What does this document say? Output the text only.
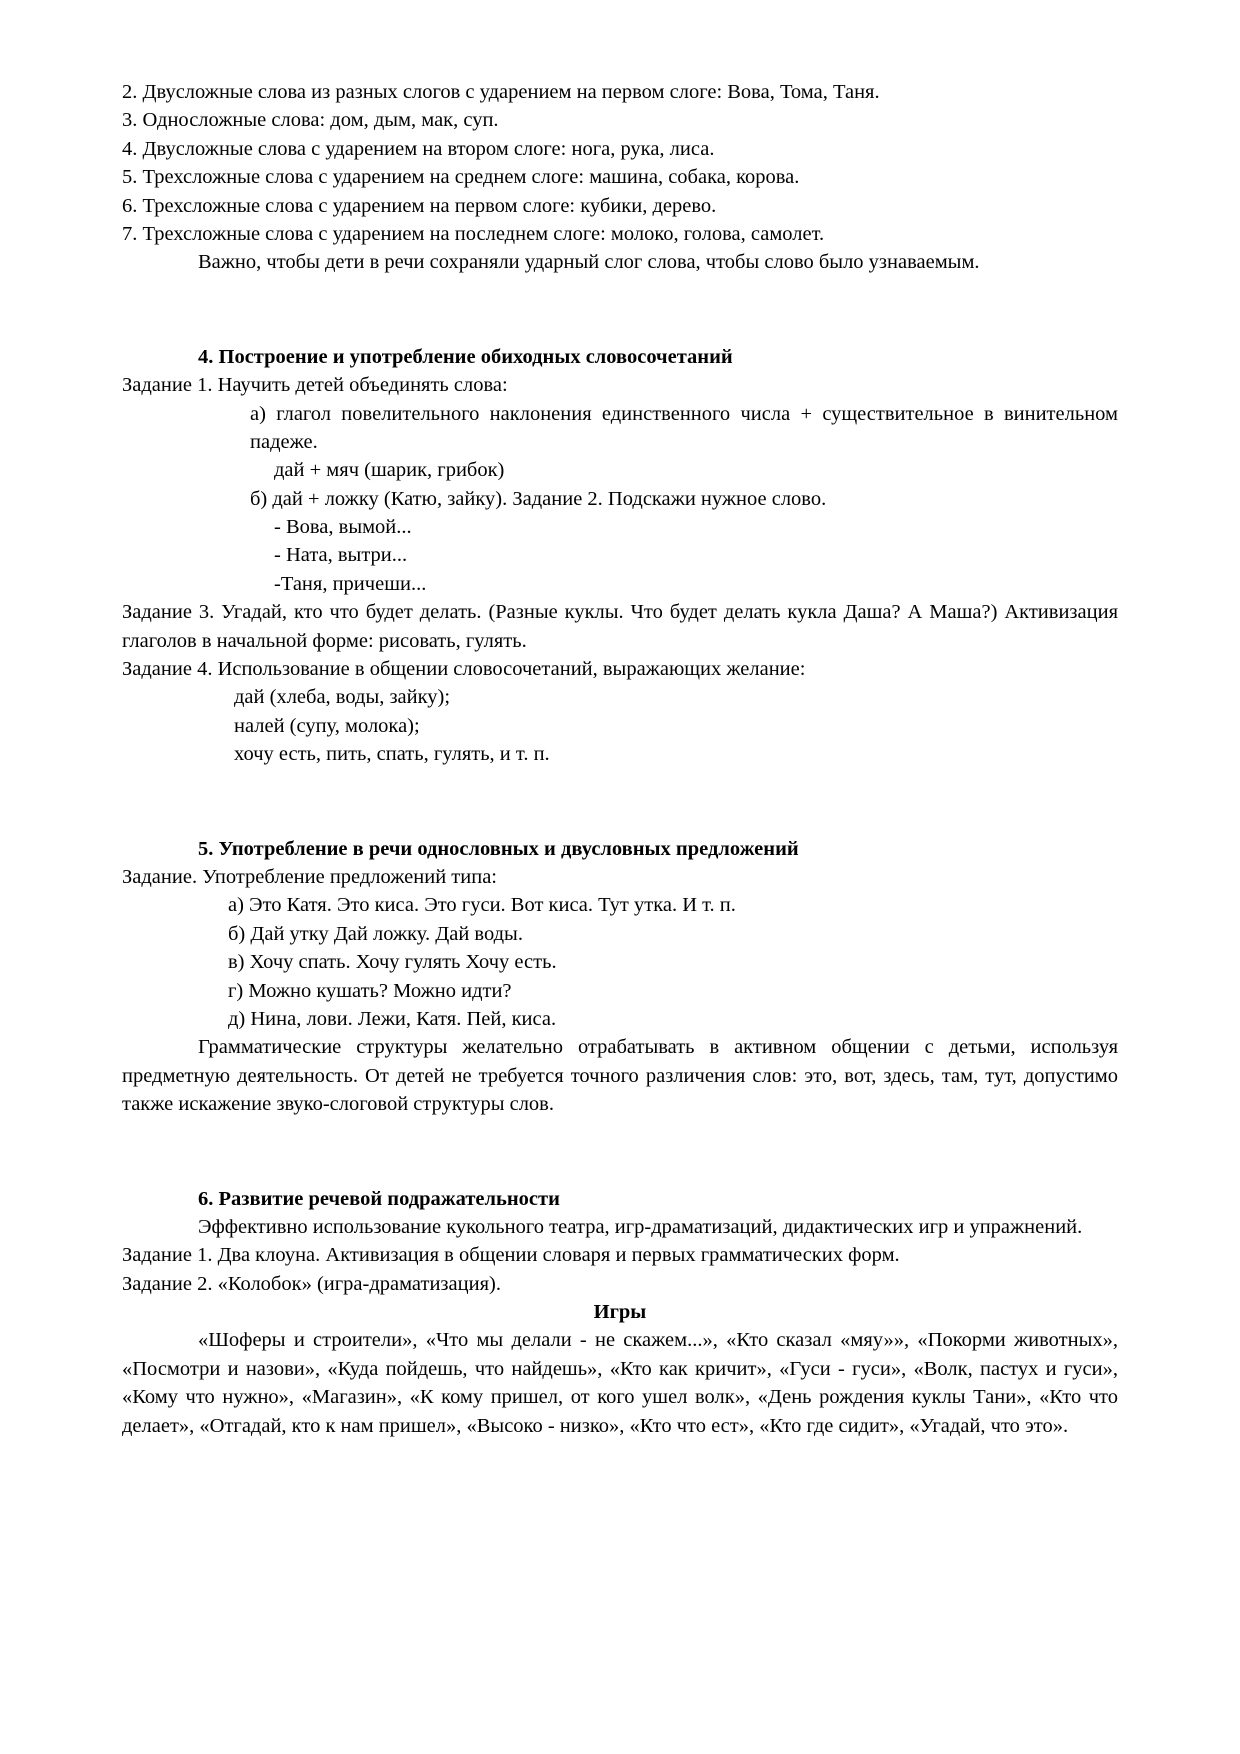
2. Двусложные слова из разных слогов с ударением на первом слоге: Вова, Тома, Таня.

3. Односложные слова: дом, дым, мак, суп.

4. Двусложные слова с ударением на втором слоге: нога, рука, лиса.

5. Трехсложные слова с ударением на среднем слоге: машина, собака, корова.

6. Трехсложные слова с ударением на первом слоге: кубики, дерево.

7. Трехсложные слова с ударением на последнем слоге: молоко, голова, самолет.

Важно, чтобы дети в речи сохраняли ударный слог слова, чтобы слово было узнаваемым.

4. Построение и употребление обиходных словосочетаний

Задание 1. Научить детей объединять слова:

а) глагол повелительного наклонения единственного числа + существительное в винительном падеже.

дай + мяч (шарик, грибок)

б) дай + ложку (Катю, зайку). Задание 2. Подскажи нужное слово.

- Вова, вымой...

- Ната, вытри...

-Таня, причеши...

Задание 3. Угадай, кто что будет делать. (Разные куклы. Что будет делать кукла Даша? А Маша?) Активизация глаголов в начальной форме: рисовать, гулять.

Задание 4. Использование в общении словосочетаний, выражающих желание:

дай (хлеба, воды, зайку);

налей (супу, молока);

хочу есть, пить, спать, гулять, и т. п.

5. Употребление в речи однословных и двусловных предложений

Задание. Употребление предложений типа:

а) Это Катя. Это киса. Это гуси. Вот киса. Тут утка. И т. п.

б) Дай утку Дай ложку. Дай воды.

в) Хочу спать. Хочу гулять Хочу есть.

г) Можно кушать? Можно идти?

д) Нина, лови. Лежи, Катя. Пей, киса.

Грамматические структуры желательно отрабатывать в активном общении с детьми, используя предметную деятельность. От детей не требуется точного различения слов: это, вот, здесь, там, тут, допустимо также искажение звуко-слоговой структуры слов.

6. Развитие речевой подражательности

Эффективно использование кукольного театра, игр-драматизаций, дидактических игр и упражнений.

Задание 1. Два клоуна. Активизация в общении словаря и первых грамматических форм.

Задание 2. «Колобок» (игра-драматизация).

Игры

«Шоферы и строители», «Что мы делали - не скажем...», «Кто сказал «мяу»», «Покорми животных», «Посмотри и назови», «Куда пойдешь, что найдешь», «Кто как кричит», «Гуси - гуси», «Волк, пастух и гуси», «Кому что нужно», «Магазин», «К кому пришел, от кого ушел волк», «День рождения куклы Тани», «Кто что делает», «Отгадай, кто к нам пришел», «Высоко - низко», «Кто что ест», «Кто где сидит», «Угадай, что это».
